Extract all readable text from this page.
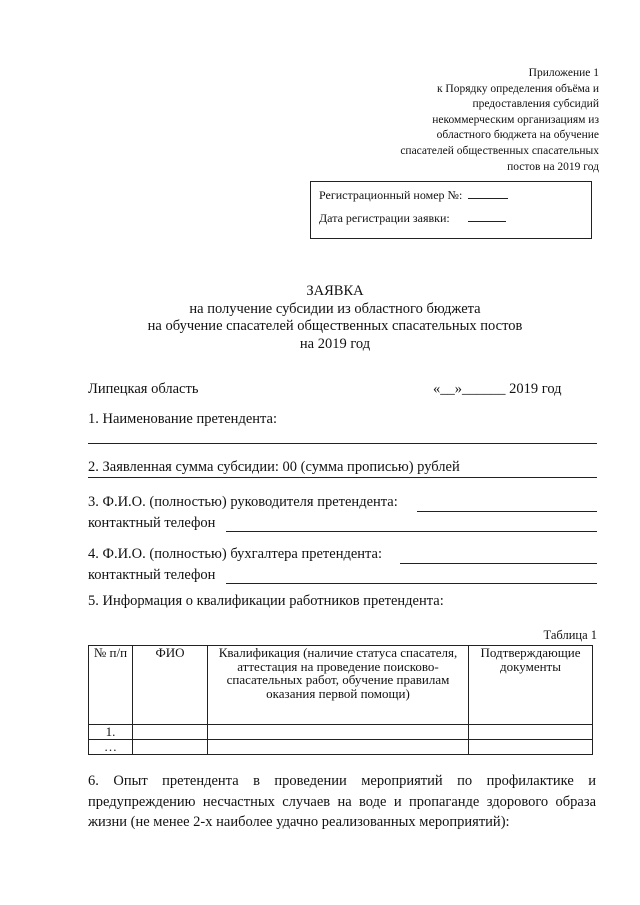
Приложение 1
к Порядку определения объёма и
предоставления субсидий
некоммерческим организациям из
областного бюджета на обучение
спасателей общественных спасательных
постов на 2019 год
Регистрационный номер №:
Дата регистрации заявки:
ЗАЯВКА
на получение субсидии из областного бюджета
на обучение спасателей общественных спасательных постов
на 2019 год
Липецкая область	«__»______ 2019 год
1. Наименование претендента:
2. Заявленная сумма субсидии: 00 (сумма прописью) рублей
3. Ф.И.О. (полностью) руководителя претендента:
контактный телефон
4. Ф.И.О. (полностью) бухгалтера претендента:
контактный телефон
5. Информация о квалификации работников претендента:
Таблица 1
№ п/п	ФИО	Квалификация (наличие статуса спасателя, аттестация на проведение поисково-спасательных работ, обучение правилам оказания первой помощи)	Подтверждающие документы
1.			
…			
6. Опыт претендента в проведении мероприятий по профилактике и предупреждению несчастных случаев на воде и пропаганде здорового образа жизни (не менее 2-х наиболее удачно реализованных мероприятий):
